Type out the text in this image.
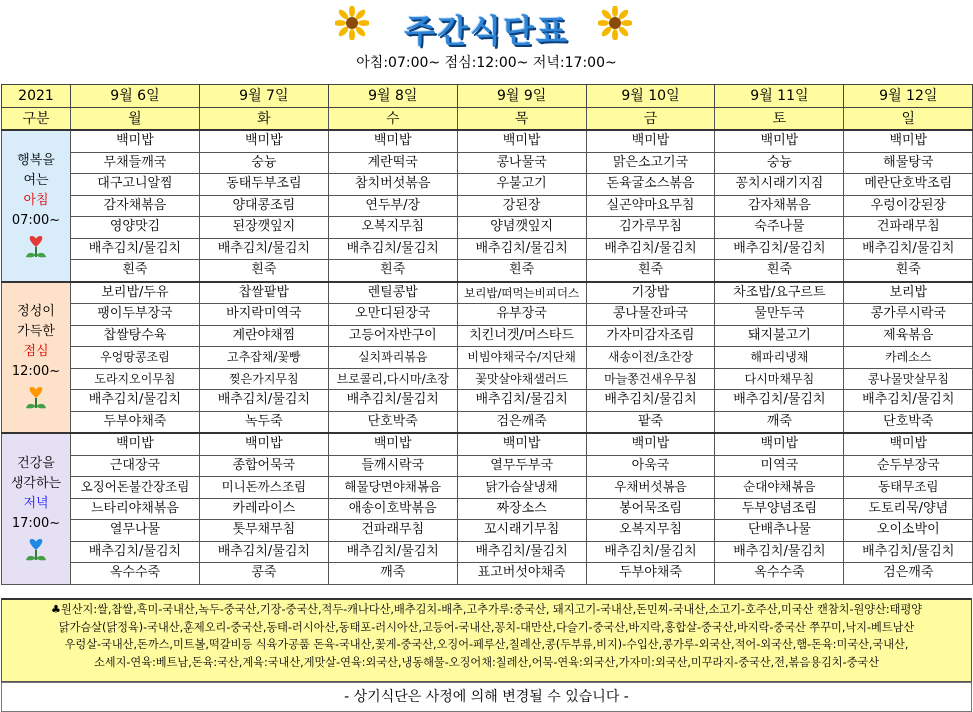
주간식단표
아침:07:00~ 점심:12:00~ 저녁:17:00~
2021	9월 6일	9월 7일	9월 8일	9월 9일	9월 10일	9월 11일	9월 12일
구분	월	화	수	목	금	토	일

행복을
여는
아침
07:00~	백미밥	백미밥	백미밥	백미밥	백미밥	백미밥	백미밥
	무채들깨국	숭늉	계란떡국	콩나물국	맑은소고기국	숭늉	해물탕국
	대구고니알찜	동태두부조림	참치버섯볶음	우불고기	돈육굴소스볶음	꽁치시래기지짐	메란단호박조림
	감자채볶음	양대콩조림	연두부/장	강된장	실곤약마요무침	감자채볶음	우렁이강된장
	영양맛김	된장깻잎지	오복지무침	양념깻잎지	김가루무침	숙주나물	건파래무침
	배추김치/물김치	배추김치/물김치	배추김치/물김치	배추김치/물김치	배추김치/물김치	배추김치/물김치	배추김치/물김치
	흰죽	흰죽	흰죽	흰죽	흰죽	흰죽	흰죽

정성이
가득한
점심
12:00~	보리밥/두유	찹쌀팥밥	렌틸콩밥	보리밥/떠먹는비피더스	기장밥	차조밥/요구르트	보리밥
	팽이두부장국	바지락미역국	오만디된장국	유부장국	콩나물잔파국	물만두국	콩가루시락국
	찹쌀탕수육	계란야채찜	고등어자반구이	치킨너겟/머스타드	가자미감자조림	돼지불고기	제육볶음
	우엉땅콩조림	고추잡채/꽃빵	실치꽈리볶음	비빔야채국수/지단채	새송이전/초간장	해파리냉채	카레소스
	도라지오이무침	찢은가지무침	브로콜리,다시마/초장	꽃맛살야채샐러드	마늘쫑건새우무침	다시마채무침	콩나물맛살무침
	배추김치/물김치	배추김치/물김치	배추김치/물김치	배추김치/물김치	배추김치/물김치	배추김치/물김치	배추김치/물김치
	두부야채죽	녹두죽	단호박죽	검은깨죽	팥죽	깨죽	단호박죽

건강을
생각하는
저녁
17:00~	백미밥	백미밥	백미밥	백미밥	백미밥	백미밥	백미밥
	근대장국	종합어묵국	들깨시락국	열무두부국	아욱국	미역국	순두부장국
	오징어돈불간장조림	미니돈까스조림	해물당면야채볶음	닭가슴살냉채	우채버섯볶음	순대야채볶음	동태무조림
	느타리야채볶음	카레라이스	애송이호박볶음	짜장소스	봉어묵조림	두부양념조림	도토리묵/양념
	열무나물	톳무채무침	건파래무침	꼬시래기무침	오복지무침	단배추나물	오이소박이
	배추김치/물김치	배추김치/물김치	배추김치/물김치	배추김치/물김치	배추김치/물김치	배추김치/물김치	배추김치/물김치
	옥수수죽	콩죽	깨죽	표고버섯야채죽	두부야채죽	옥수수죽	검은깨죽
♣원산지:쌀,찹쌀,흑미-국내산,녹두-중국산,기장-중국산,적두-캐나다산,배추김치-배추,고추가루:중국산, 돼지고기-국내산,돈민찌-국내산,소고기-호주산,미국산 캔참치-원양산:태평양
닭가슴살(닭정육)-국내산,훈제오리-중국산,동태-러시아산,동태포-러시아산,고등어-국내산,꽁치-대만산,다슬기-중국산,바지락,홍합살-중국산,바지락-중국산 쭈꾸미,낙지-베트남산
우렁살-국내산,돈까스,미트볼,떡갈비등 식육가공품 돈육-국내산,꽃게-중국산,오징어-페루산,칠레산,콩(두부류,비지)-수입산,콩가루-외국산,적어-외국산,햄-돈육:미국산,국내산,
소세지-연육:베트남,돈육:국산,계육:국내산,게맛살-연육:외국산,냉동해물-오징어채:칠레산,어묵-연육:외국산,가자미:외국산,미꾸라지-중국산,전,볶음용김치-중국산
- 상기식단은 사정에 의해 변경될 수 있습니다 -
